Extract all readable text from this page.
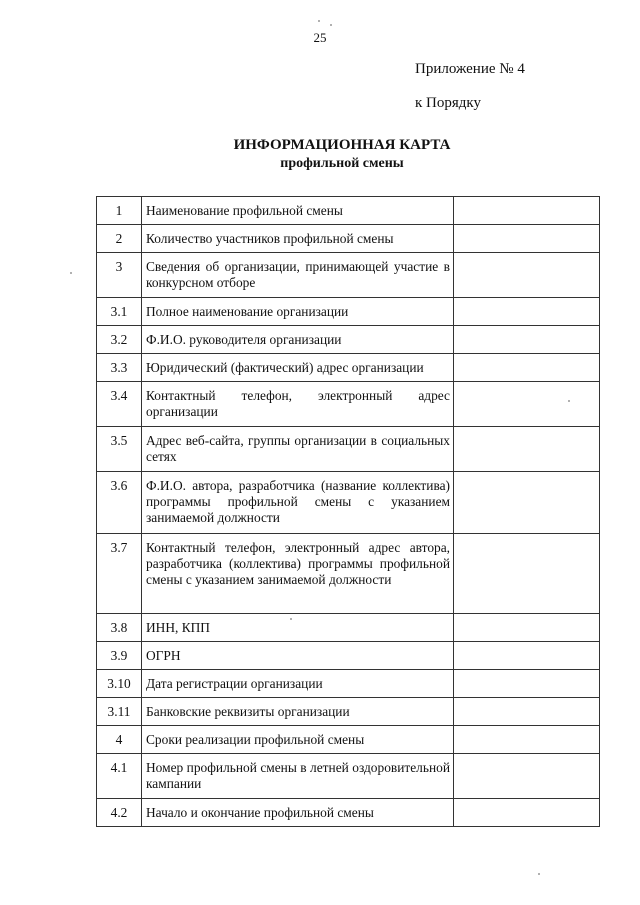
25
Приложение № 4
к Порядку
ИНФОРМАЦИОННАЯ КАРТА
профильной смены
1	Наименование профильной смены	
2	Количество участников профильной смены	
3	Сведения об организации, принимающей участие в конкурсном отборе	
3.1	Полное наименование организации	
3.2	Ф.И.О. руководителя организации	
3.3	Юридический (фактический) адрес организации	
3.4	Контактный телефон, электронный адрес организации	
3.5	Адрес веб-сайта, группы организации в социальных сетях	
3.6	Ф.И.О. автора, разработчика (название коллектива) программы профильной смены с указанием занимаемой должности	
3.7	Контактный телефон, электронный адрес автора, разработчика (коллектива) программы профильной смены с указанием занимаемой должности	
3.8	ИНН, КПП	
3.9	ОГРН	
3.10	Дата регистрации организации	
3.11	Банковские реквизиты организации	
4	Сроки реализации профильной смены	
4.1	Номер профильной смены в летней оздоровительной кампании	
4.2	Начало и окончание профильной смены	
